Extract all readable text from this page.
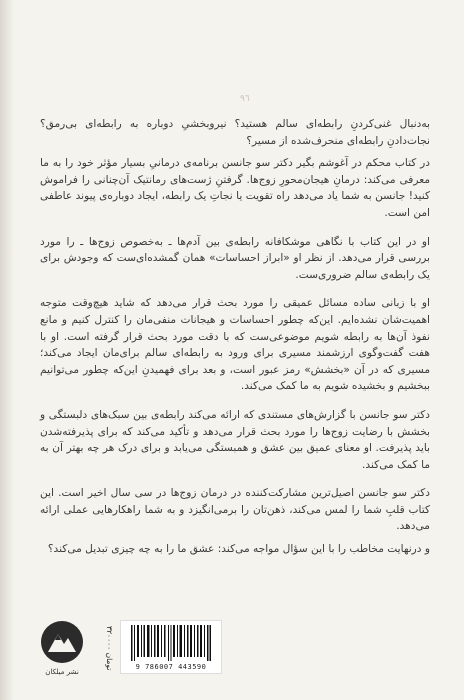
٩٦

به‌دنبال غنی‌کردنِ رابطه‌ای سالم هستید؟ نیروبخشیِ دوباره به رابطه‌ای بی‌رمق؟ نجات‌دادنِ رابطه‌ای منحرف‌شده از مسیر؟

در کتاب محکم در آغوشم بگیر دکتر سو جانسن برنامه‌ی درمانیِ بسیار مؤثر خود را به ما معرفی می‌کند: درمانِ هیجان‌محورِ زوج‌ها. گرفتنِ ژست‌های رمانتیک آن‌چنانی را فراموش کنید! جانسن به شما یاد می‌دهد راه تقویت یا نجاتِ یک رابطه، ایجاد دوباره‌ی پیوند عاطفی امن است.

او در این کتاب با نگاهی موشکافانه رابطه‌ی بین آدم‌ها ـ به‌خصوص زوج‌ها ـ را مورد بررسی قرار می‌دهد. از نظر او «ابراز احساسات» همان گمشده‌ای‌ست که وجودش برای یک رابطه‌ی سالم ضروری‌ست.

او با زبانی ساده مسائل عمیقی را مورد بحث قرار می‌دهد که شاید هیچ‌وقت متوجه اهمیت‌شان نشده‌ایم. این‌که چطور احساسات و هیجانات منفی‌مان را کنترل کنیم و مانع نفوذ آن‌ها به رابطه شویم موضوعی‌ست که با دقت مورد بحث قرار گرفته است. او با هفت گفت‌وگوی ارزشمند مسیری برای ورود به رابطه‌ای سالم برای‌مان ایجاد می‌کند؛ مسیری که در آن «بخشش» رمز عبور است، و بعد برای فهمیدنِ این‌که چطور می‌توانیم ببخشیم و بخشیده شویم به ما کمک می‌کند.

دکتر سو جانسن با گزارش‌های مستندی که ارائه می‌کند رابطه‌ی بین سبک‌های دلبستگی و بخشش با رضایت زوج‌ها را مورد بحث قرار می‌دهد و تأکید می‌کند که برای پذیرفته‌شدن باید پذیرفت. او معنای عمیق بین عشق و همبستگی می‌یابد و برای درک هر چه بهتر آن به ما کمک می‌کند.

دکتر سو جانسن اصیل‌ترین مشارکت‌کننده در درمان زوج‌ها در سی سال اخیر است. این کتاب قلبِ شما را لمس می‌کند، ذهن‌تان را برمی‌انگیزد و به شما راهکارهایی عملی ارائه می‌دهد.

و درنهایت مخاطب را با این سؤال مواجه می‌کند: عشق ما را به چه چیزی تبدیل می‌کند؟

نشر میلکان
۳۲۰۰۰۰ تومان	9 786007 443590
